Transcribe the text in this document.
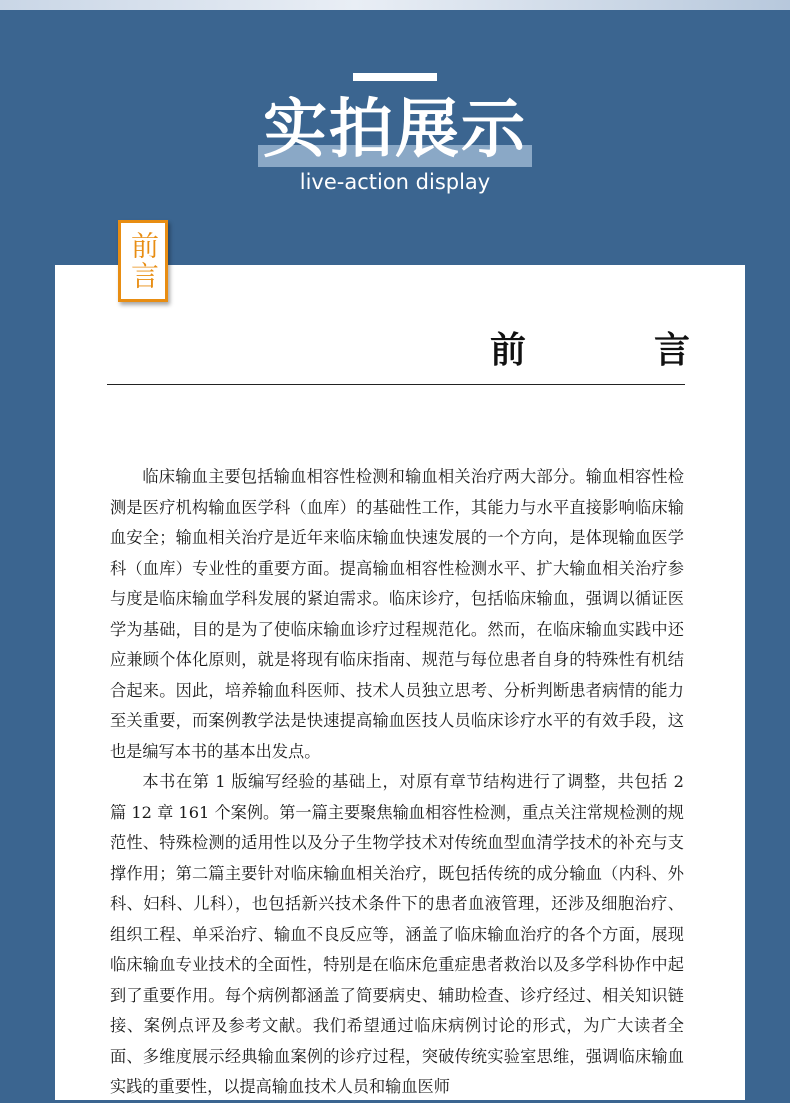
实拍展示
live-action display
前言
前　言

临床输血主要包括输血相容性检测和输血相关治疗两大部分。输血相容性检测是医疗机构输血医学科（血库）的基础性工作，其能力与水平直接影响临床输血安全；输血相关治疗是近年来临床输血快速发展的一个方向，是体现输血医学科（血库）专业性的重要方面。提高输血相容性检测水平、扩大输血相关治疗参与度是临床输血学科发展的紧迫需求。临床诊疗，包括临床输血，强调以循证医学为基础，目的是为了使临床输血诊疗过程规范化。然而，在临床输血实践中还应兼顾个体化原则，就是将现有临床指南、规范与每位患者自身的特殊性有机结合起来。因此，培养输血科医师、技术人员独立思考、分析判断患者病情的能力至关重要，而案例教学法是快速提高输血医技人员临床诊疗水平的有效手段，这也是编写本书的基本出发点。

本书在第 1 版编写经验的基础上，对原有章节结构进行了调整，共包括 2 篇 12 章 161 个案例。第一篇主要聚焦输血相容性检测，重点关注常规检测的规范性、特殊检测的适用性以及分子生物学技术对传统血型血清学技术的补充与支撑作用；第二篇主要针对临床输血相关治疗，既包括传统的成分输血（内科、外科、妇科、儿科），也包括新兴技术条件下的患者血液管理，还涉及细胞治疗、组织工程、单采治疗、输血不良反应等，涵盖了临床输血治疗的各个方面，展现临床输血专业技术的全面性，特别是在临床危重症患者救治以及多学科协作中起到了重要作用。每个病例都涵盖了简要病史、辅助检查、诊疗经过、相关知识链接、案例点评及参考文献。我们希望通过临床病例讨论的形式，为广大读者全面、多维度展示经典输血案例的诊疗过程，突破传统实验室思维，强调临床输血实践的重要性，以提高输血技术人员和输血医师
